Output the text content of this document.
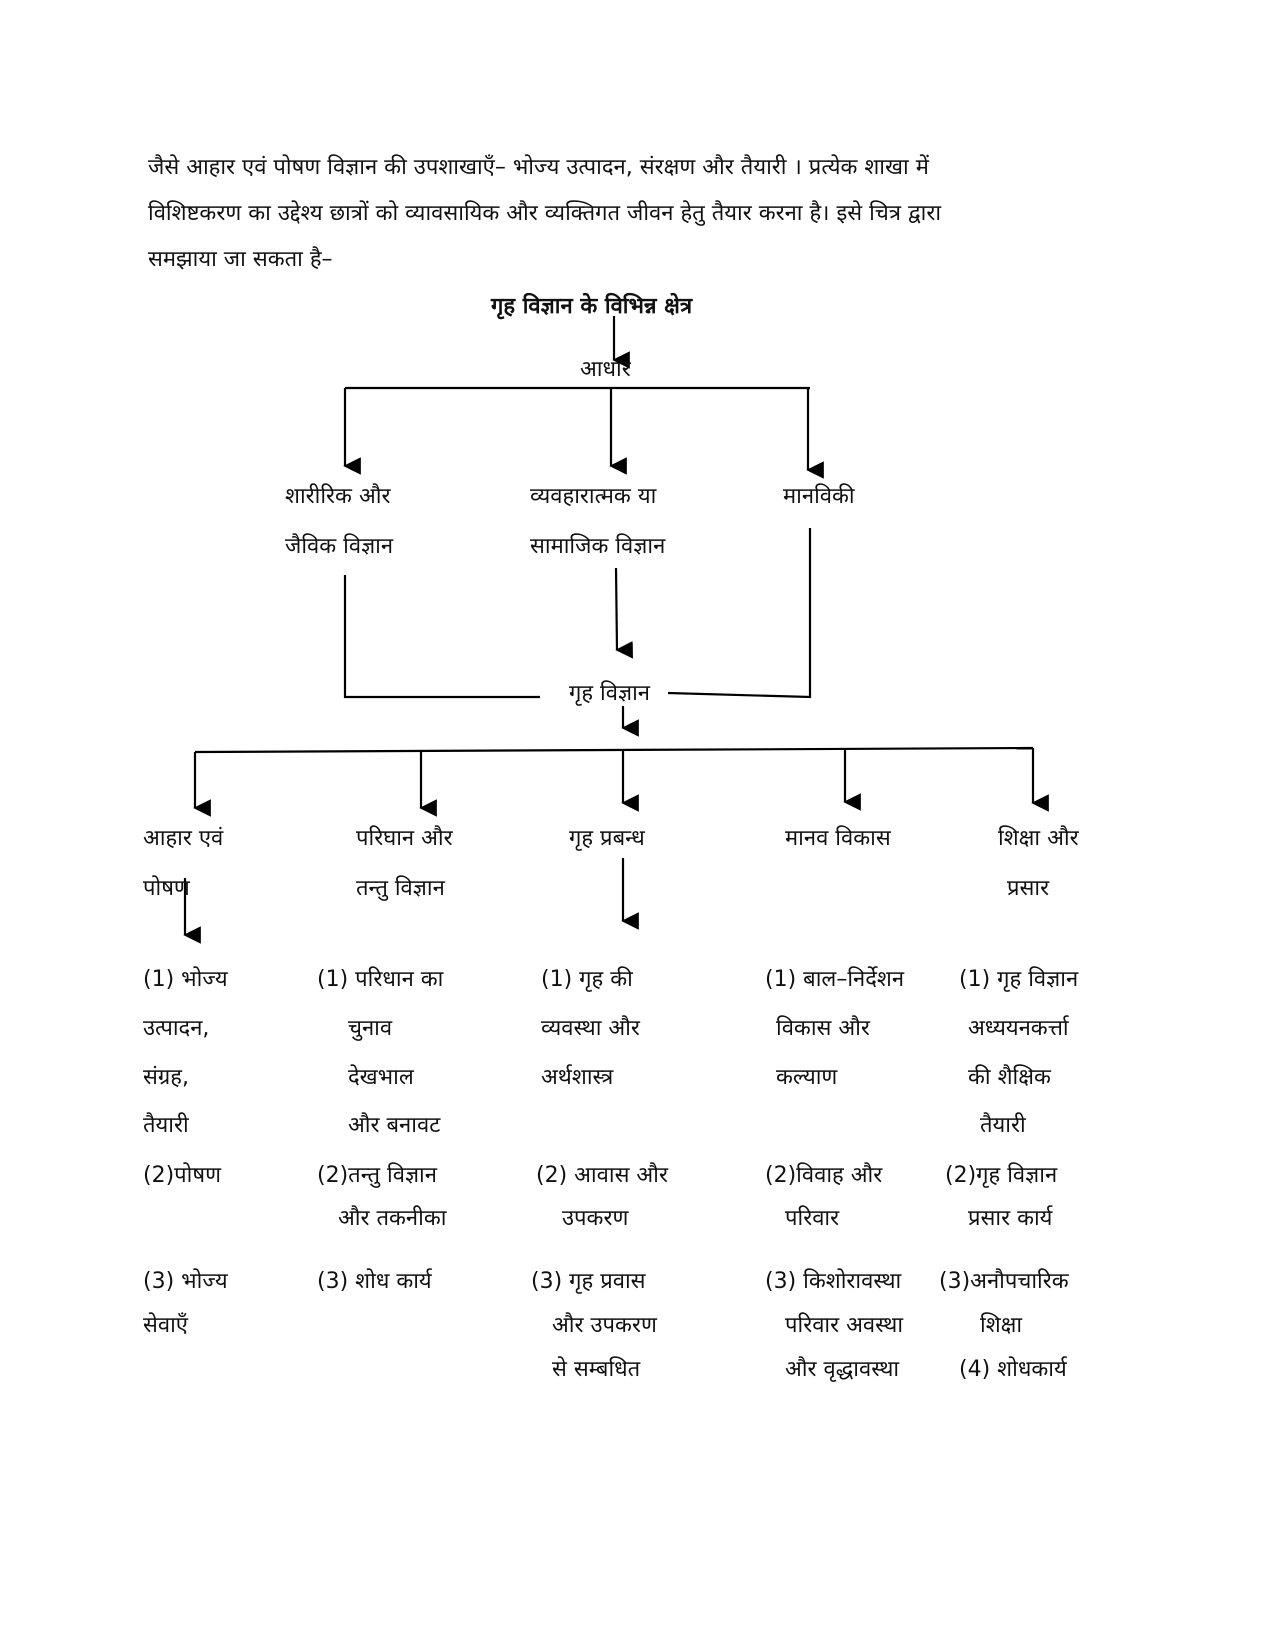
जैसे आहार एवं पोषण विज्ञान की उपशाखाएँ– भोज्य उत्पादन, संरक्षण और तैयारी । प्रत्येक शाखा में
विशिष्टकरण का उद्देश्य छात्रों को व्यावसायिक और व्यक्तिगत जीवन हेतु तैयार करना है। इसे चित्र द्वारा
समझाया जा सकता है–
गृह विज्ञान के विभिन्न क्षेत्र
आधार
शारीरिक और
जैविक विज्ञान
व्यवहारात्मक या
सामाजिक विज्ञान
मानविकी
गृह विज्ञान
आहार एवं
पोषण
परिघान और
तन्तु विज्ञान
गृह प्रबन्ध	मानव विकास	शिक्षा और
प्रसार
(1) भोज्य
उत्पादन,
संग्रह,
तैयारी
(2)पोषण
(3) भोज्य
सेवाएँ
(1) परिधान का
चुनाव
देखभाल
और बनावट
(2)तन्तु विज्ञान
और तकनीका
(3) शोध कार्य
(1) गृह की
व्यवस्था और
अर्थशास्त्र
(2) आवास और
उपकरण
(3) गृह प्रवास
और उपकरण
से सम्बधित
(1) बाल–निर्देशन
विकास और
कल्याण
(2)विवाह और
परिवार
(3) किशोरावस्था
परिवार अवस्था
और वृद्धावस्था
(1) गृह विज्ञान
अध्ययनकर्त्ता
की शैक्षिक
तैयारी
(2)गृह विज्ञान
प्रसार कार्य
(3)अनौपचारिक
शिक्षा
(4) शोधकार्य
